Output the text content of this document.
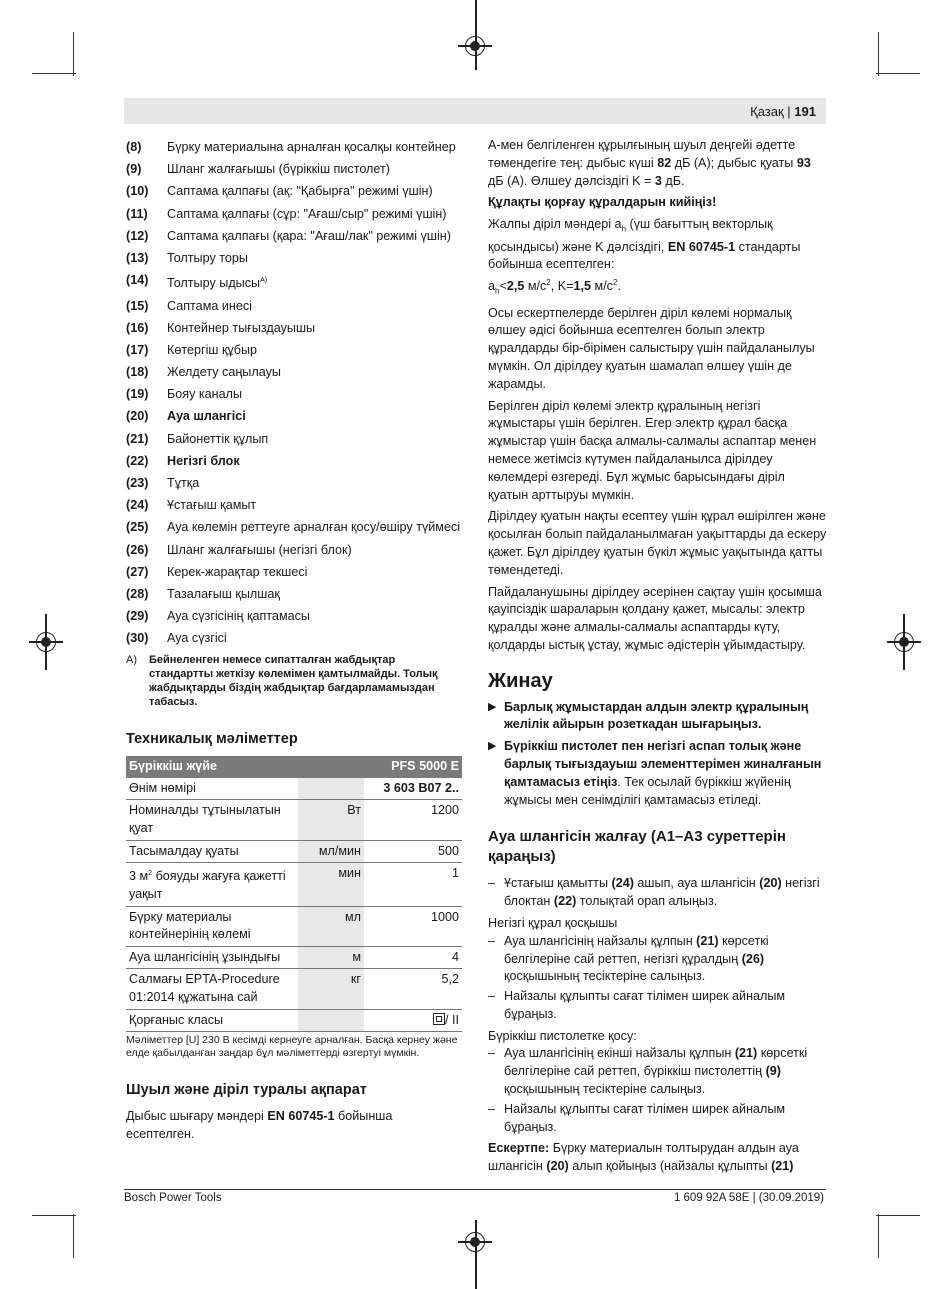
Қазақ | 191
(8)	Бүрку материалына арналған қосалқы контейнер
(9)	Шланг жалғағышы (бүріккіш пистолет)
(10)	Саптама қалпағы (ақ: "Қабырға" режимі үшін)
(11)	Саптама қалпағы (сұр: "Ағаш/сыр" режимі үшін)
(12)	Саптама қалпағы (қара: "Ағаш/лак" режимі үшін)
(13)	Толтыру торы
(14)	Толтыру ыдысы$^{A)}$
(15)	Саптама инесі
(16)	Контейнер тығыздауышы
(17)	Көтергіш құбыр
(18)	Желдету саңылауы
(19)	Бояу каналы
(20)	Ауа шлангісі
(21)	Байонеттік құлып
(22)	Негізгі блок
(23)	Тұтқа
(24)	Ұстағыш қамыт
(25)	Ауа көлемін реттеуге арналған қосу/өшіру түймесі
(26)	Шланг жалғағышы (негізгі блок)
(27)	Керек-жарақтар текшесі
(28)	Тазалағыш қылшақ
(29)	Ауа сүзгісінің қаптамасы
(30)	Ауа сүзгісі
A)	Бейнеленген немесе сипатталған жабдықтар стандартты жеткізу көлемімен қамтылмайды. Толық жабдықтарды біздің жабдықтар бағдарламамыздан табасыз.
Техникалық мәліметтер
Бүріккіш жүйе		PFS 5000 E
Өнім нөмірі		3 603 B07 2..
Номиналды тұтынылатын қуат	Вт	1200
Тасымалдау қуаты	мл/мин	500
3 $м^2$ бояуды жағуға қажетті уақыт	мин	1
Бүрку материалы контейнерінің көлемі	мл	1000
Ауа шлангісінің ұзындығы	м	4
Салмағы EPTA-Procedure 01:2014 құжатына сай	кг	5,2
Қорғаныс класы		/ II
Мәліметтер [U] 230 В кесімді кернеуге арналған. Басқа кернеу және елде қабылданған заңдар бұл мәліметтерді өзгертуі мүмкін.
Шуыл және діріл туралы ақпарат

Дыбыс шығару мәндері EN 60745-1 бойынша есептелген.

A-мен белгіленген құрылғының шуыл деңгейі әдетте төмендегіге тең: дыбыс күші 82 дБ (A); дыбыс қуаты 93 дБ (A). Өлшеу дәлсіздігі K = 3 дБ.

Құлақты қорғау құралдарын кийіңіз!

Жалпы діріл мәндері $a_h$ (үш бағыттың векторлық қосындысы) және K дәлсіздігі, EN 60745-1 стандарты бойынша есептелген:

$a_h<2,5$ $м/с^2$, K=1,5 $м/с^2$.

Осы ескертпелерде берілген діріл көлемі нормалық өлшеу әдісі бойынша есептелген болып электр құралдарды бір-бірімен салыстыру үшін пайдаланылуы мүмкін. Ол дірілдеу қуатын шамалап өлшеу үшін де жарамды.

Берілген діріл көлемі электр құралының негізгі жұмыстары үшін берілген. Егер электр құрал басқа жұмыстар үшін басқа алмалы-салмалы аспаптар менен немесе жетімсіз күтумен пайдаланылса дірілдеу көлемдері өзгереді. Бұл жұмыс барысындағы діріл қуатын арттыруы мүмкін.

Дірілдеу қуатын нақты есептеу үшін құрал өшірілген және қосылған болып пайдаланылмаған уақыттарды да ескеру қажет. Бұл дірілдеу қуатын бүкіл жұмыс уақытында қатты төмендетеді.

Пайдаланушыны дірілдеу әсерінен сақтау үшін қосымша қауіпсіздік шараларын қолдану қажет, мысалы: электр құралды және алмалы-салмалы аспаптарды күту, қолдарды ыстық ұстау, жұмыс әдістерін ұйымдастыру.

Жинау
▶ Барлық жұмыстардан алдын электр құралының желілік айырын розеткадан шығарыңыз.
▶ Бүріккіш пистолет пен негізгі аспап толық және барлық тығыздауыш элементтерімен жиналғанын қамтамасыз етіңіз. Тек осылай бүріккіш жүйенің жұмысы мен сенімділігі қамтамасыз етіледі.
Ауа шлангісін жалғау (A1–A3 суреттерін қараңыз)
– Ұстағыш қамытты (24) ашып, ауа шлангісін (20) негізгі блоктан (22) толықтай орап алыңыз.

Негізгі құрал қосқышы

– Ауа шлангісінің найзалы құлпын (21) көрсеткі белгілеріне сай реттеп, негізгі құралдың (26) қосқышының тесіктеріне салыңыз.
– Найзалы құлыпты сағат тілімен ширек айналым бұраңыз.

Бүріккіш пистолетке қосу:

– Ауа шлангісінің екінші найзалы құлпын (21) көрсеткі белгілеріне сай реттеп, бүріккіш пистолеттің (9) қосқышының тесіктеріне салыңыз.
– Найзалы құлыпты сағат тілімен ширек айналым бұраңыз.

Ескертпе: Бүрку материалын толтырудан алдын ауа шлангісін (20) алып қойыңыз (найзалы құлыпты (21)

Bosch Power Tools	1 609 92A 58E | (30.09.2019)
